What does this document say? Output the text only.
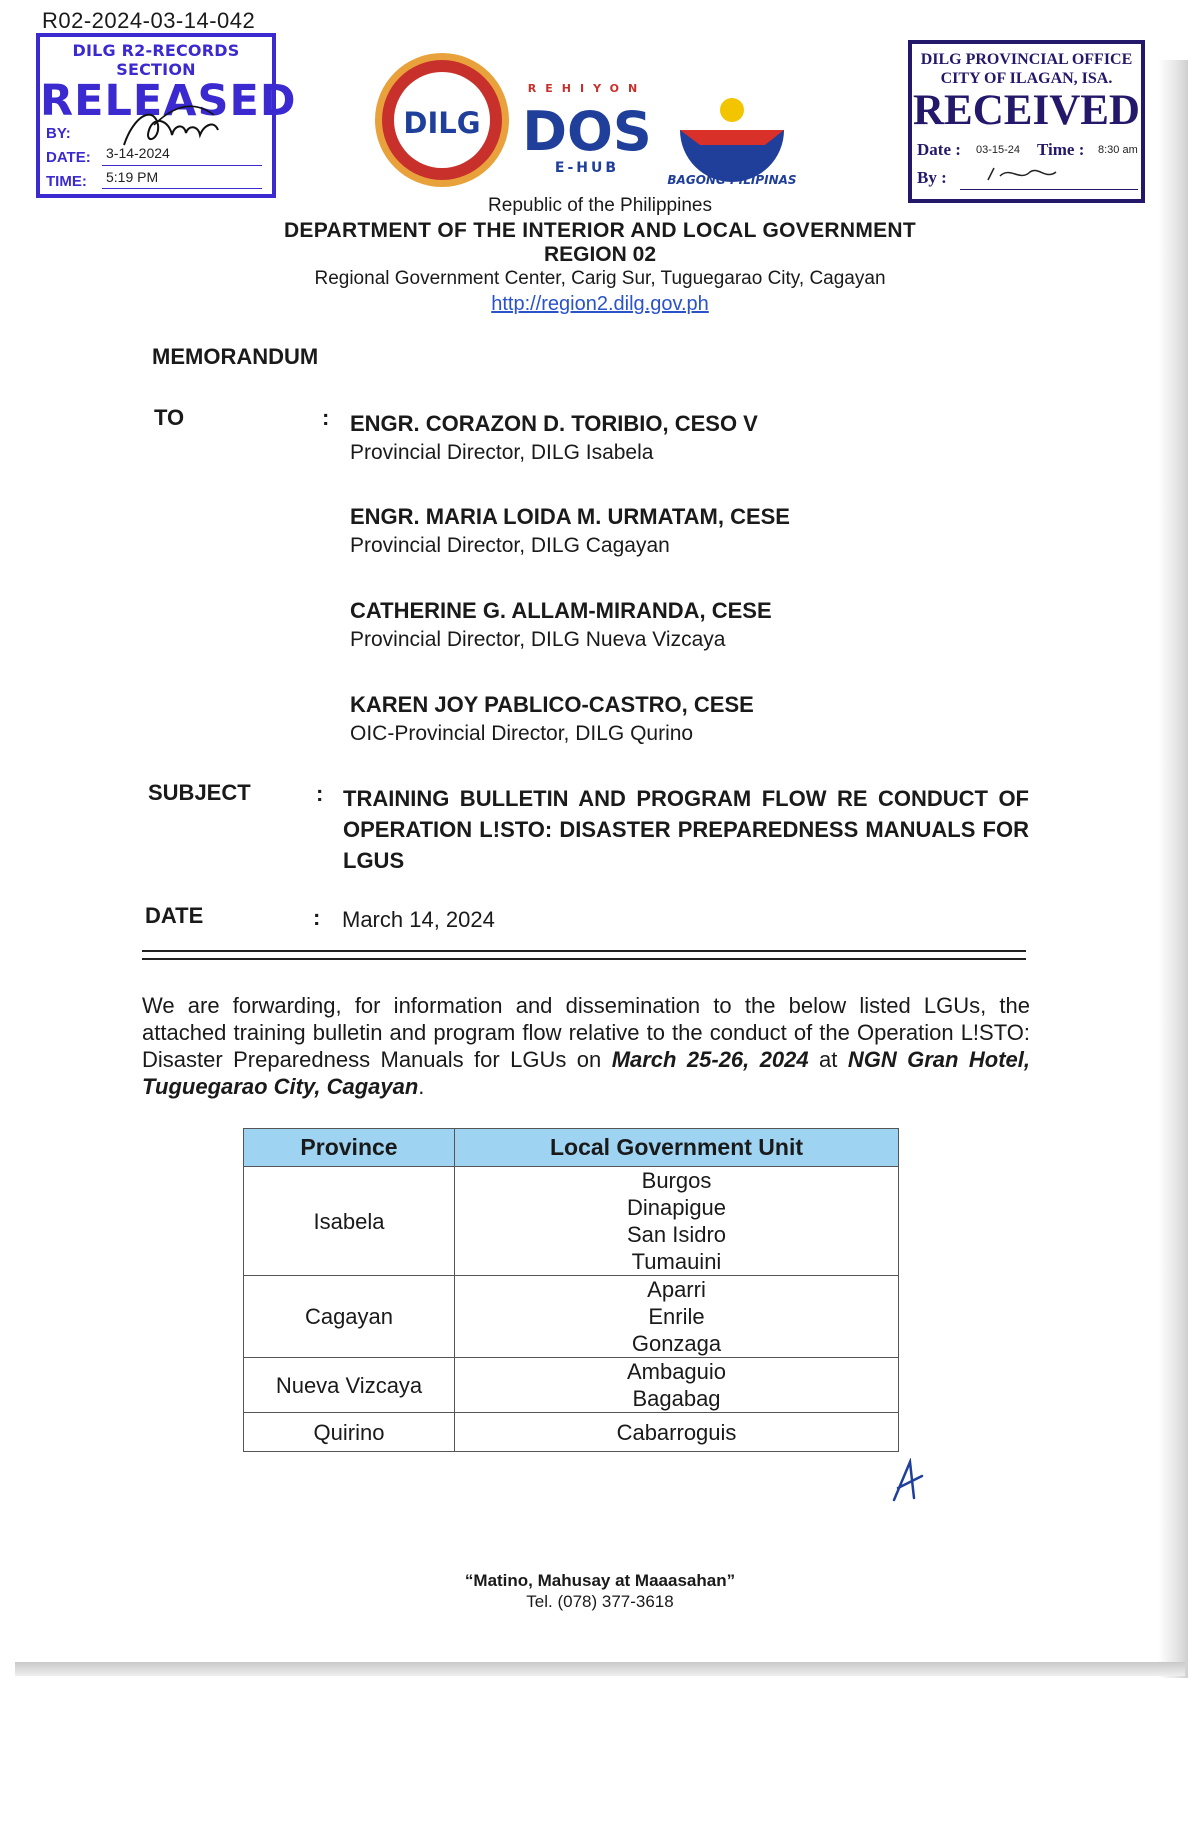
R02-2024-03-14-042
DILG R2-RECORDS SECTION
RELEASED
BY:
DATE: 3-14-2024
TIME: 5:19 PM
DILG
REHIYON
DOS
E-HUB
BAGONG PILIPINAS
DILG PROVINCIAL OFFICE
CITY OF ILAGAN, ISA.
RECEIVED
Date : 03-15-24 Time : 8:30 am
By :
Republic of the Philippines
DEPARTMENT OF THE INTERIOR AND LOCAL GOVERNMENT
REGION 02
Regional Government Center, Carig Sur, Tuguegarao City, Cagayan
http://region2.dilg.gov.ph
MEMORANDUM
TO	: ENGR. CORAZON D. TORIBIO, CESO V
Provincial Director, DILG Isabela
ENGR. MARIA LOIDA M. URMATAM, CESE
Provincial Director, DILG Cagayan
CATHERINE G. ALLAM-MIRANDA, CESE
Provincial Director, DILG Nueva Vizcaya
KAREN JOY PABLICO-CASTRO, CESE
OIC-Provincial Director, DILG Qurino
SUBJECT	: TRAINING BULLETIN AND PROGRAM FLOW RE CONDUCT OF OPERATION L!STO: DISASTER PREPAREDNESS MANUALS FOR LGUS
DATE	: March 14, 2024
We are forwarding, for information and dissemination to the below listed LGUs, the attached training bulletin and program flow relative to the conduct of the Operation L!STO: Disaster Preparedness Manuals for LGUs on March 25-26, 2024 at NGN Gran Hotel, Tuguegarao City, Cagayan.
Province	Local Government Unit
Isabela	Burgos
Dinapigue
San Isidro
Tumauini

Cagayan	Aparri
Enrile
Gonzaga

Nueva Vizcaya	Ambaguio
Bagabag

Quirino	Cabarroguis
“Matino, Mahusay at Maaasahan”
Tel. (078) 377-3618
